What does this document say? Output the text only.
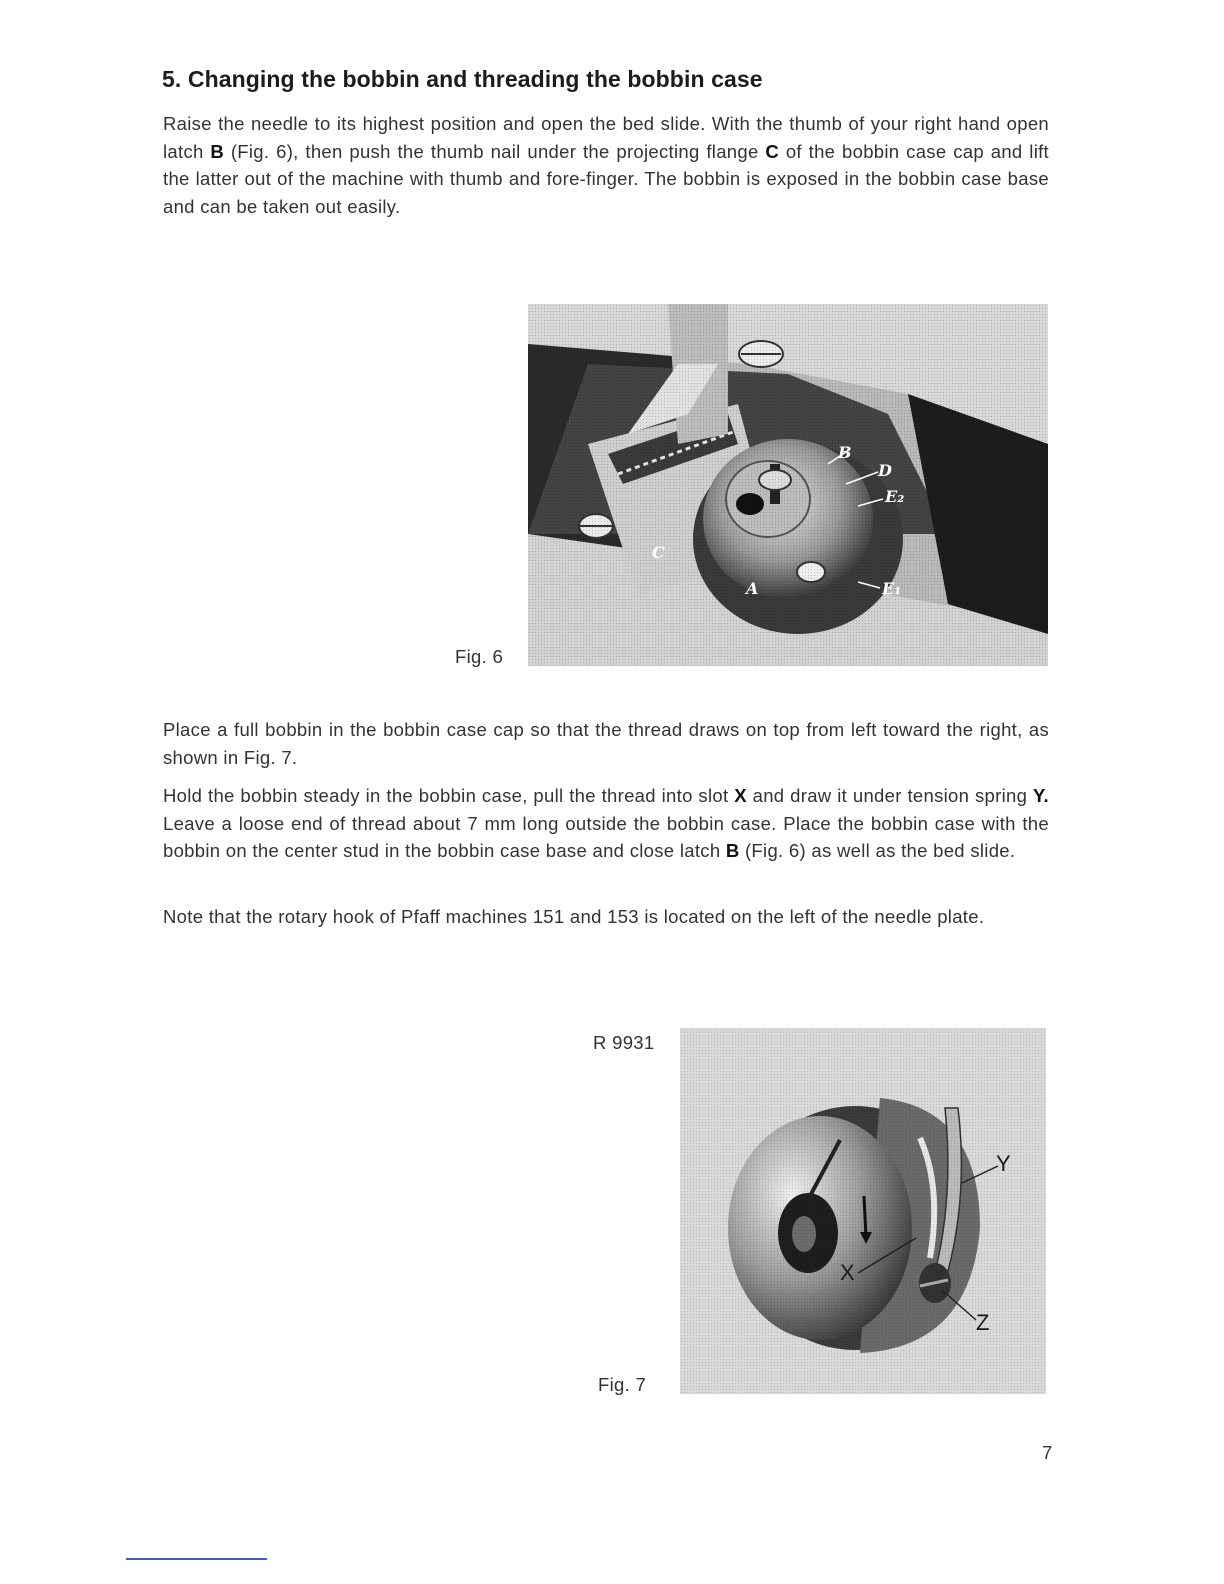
5. Changing the bobbin and threading the bobbin case

Raise the needle to its highest position and open the bed slide. With the thumb of your right hand open latch B (Fig. 6), then push the thumb nail under the projecting flange C of the bobbin case cap and lift the latter out of the machine with thumb and fore-finger. The bobbin is exposed in the bobbin case base and can be taken out easily.

B
D
E₂
C
A	E₁
Fig. 6

Place a full bobbin in the bobbin case cap so that the thread draws on top from left toward the right, as shown in Fig. 7.

Hold the bobbin steady in the bobbin case, pull the thread into slot X and draw it under tension spring Y. Leave a loose end of thread about 7 mm long outside the bobbin case. Place the bobbin case with the bobbin on the center stud in the bobbin case base and close latch B (Fig. 6) as well as the bed slide.

Note that the rotary hook of Pfaff machines 151 and 153 is located on the left of the needle plate.

R 9931
Y
X
Z
Fig. 7
7
